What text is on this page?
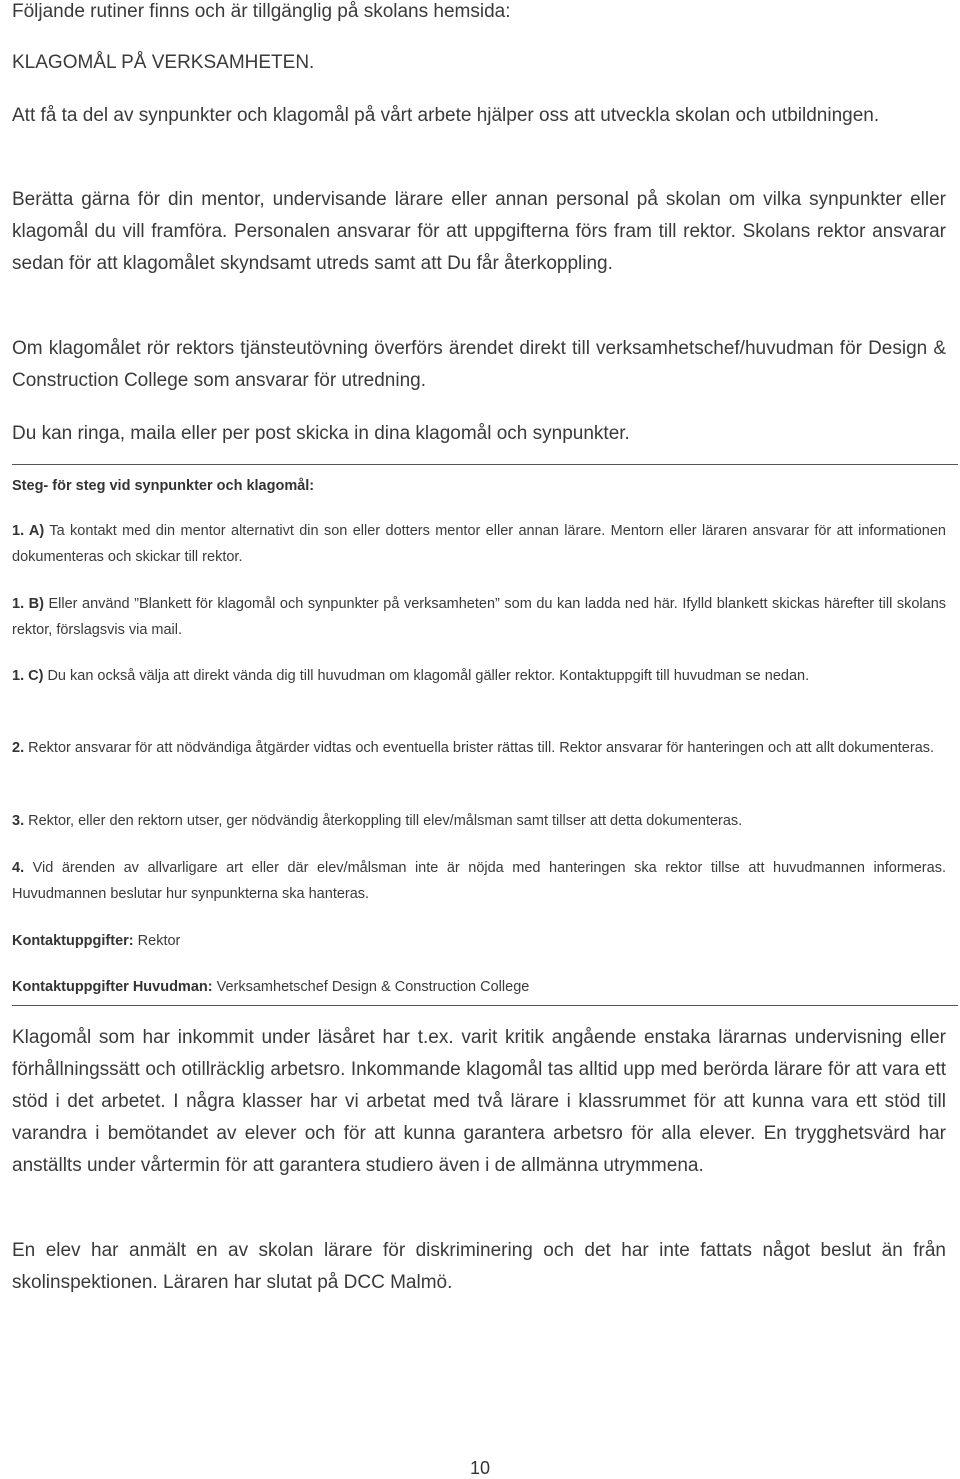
Följande rutiner finns och är tillgänglig på skolans hemsida:

KLAGOMÅL PÅ VERKSAMHETEN.

Att få ta del av synpunkter och klagomål på vårt arbete hjälper oss att utveckla skolan och utbildningen.

Berätta gärna för din mentor, undervisande lärare eller annan personal på skolan om vilka synpunkter eller klagomål du vill framföra. Personalen ansvarar för att uppgifterna förs fram till rektor. Skolans rektor ansvarar sedan för att klagomålet skyndsamt utreds samt att Du får återkoppling.

Om klagomålet rör rektors tjänsteutövning överförs ärendet direkt till verksamhetschef/huvudman för Design & Construction College som ansvarar för utredning.

Du kan ringa, maila eller per post skicka in dina klagomål och synpunkter.

Steg- för steg vid synpunkter och klagomål:

1. A) Ta kontakt med din mentor alternativt din son eller dotters mentor eller annan lärare. Mentorn eller läraren ansvarar för att informationen dokumenteras och skickar till rektor.

1. B) Eller använd ”Blankett för klagomål och synpunkter på verksamheten” som du kan ladda ned här. Ifylld blankett skickas härefter till skolans rektor, förslagsvis via mail.

1. C) Du kan också välja att direkt vända dig till huvudman om klagomål gäller rektor. Kontaktuppgift till huvudman se nedan.

2. Rektor ansvarar för att nödvändiga åtgärder vidtas och eventuella brister rättas till. Rektor ansvarar för hanteringen och att allt dokumenteras.

3. Rektor, eller den rektorn utser, ger nödvändig återkoppling till elev/målsman samt tillser att detta dokumenteras.

4. Vid ärenden av allvarligare art eller där elev/målsman inte är nöjda med hanteringen ska rektor tillse att huvudmannen informeras. Huvudmannen beslutar hur synpunkterna ska hanteras.

Kontaktuppgifter: Rektor

Kontaktuppgifter Huvudman: Verksamhetschef Design & Construction College

Klagomål som har inkommit under läsåret har t.ex. varit kritik angående enstaka lärarnas undervisning eller förhållningssätt och otillräcklig arbetsro. Inkommande klagomål tas alltid upp med berörda lärare för att vara ett stöd i det arbetet. I några klasser har vi arbetat med två lärare i klassrummet för att kunna vara ett stöd till varandra i bemötandet av elever och för att kunna garantera arbetsro för alla elever. En trygghetsvärd har anställts under vårtermin för att garantera studiero även i de allmänna utrymmena.

En elev har anmält en av skolan lärare för diskriminering och det har inte fattats något beslut än från skolinspektionen. Läraren har slutat på DCC Malmö.

10
